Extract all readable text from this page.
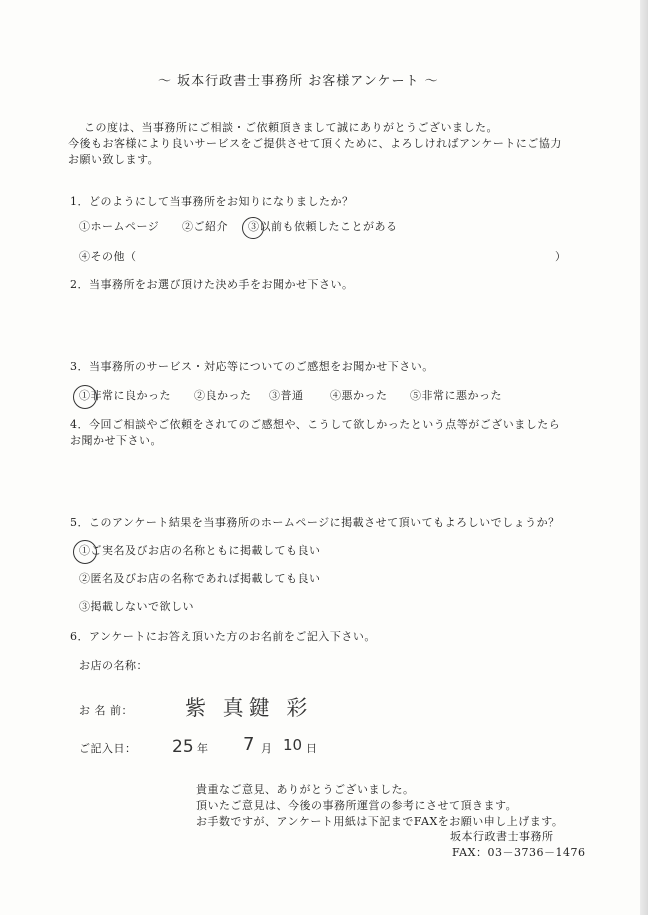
〜 坂本行政書士事務所 お客様アンケート 〜
この度は、当事務所にご相談・ご依頼頂きまして誠にありがとうございました。
今後もお客様により良いサービスをご提供させて頂くために、よろしければアンケートにご協力
お願い致します。
1．どのようにして当事務所をお知りになりましたか？
①ホームページ ②ご紹介 ③以前も依頼したことがある
④その他（	）
2．当事務所をお選び頂けた決め手をお聞かせ下さい。
3．当事務所のサービス・対応等についてのご感想をお聞かせ下さい。
①非常に良かった ②良かった ③普通 ④悪かった ⑤非常に悪かった
4．今回ご相談やご依頼をされてのご感想や、こうして欲しかったという点等がございましたら
お聞かせ下さい。
5．このアンケート結果を当事務所のホームページに掲載させて頂いてもよろしいでしょうか？
①ご実名及びお店の名称ともに掲載しても良い
②匿名及びお店の名称であれば掲載しても良い
③掲載しないで欲しい
6．アンケートにお答え頂いた方のお名前をご記入下さい。
お店の名称：
お 名 前： 紫 真鍵 彩
ご記入日： 25 年 7 月 10 日
貴重なご意見、ありがとうございました。
頂いたご意見は、今後の事務所運営の参考にさせて頂きます。
お手数ですが、アンケート用紙は下記までFAXをお願い申し上げます。
坂本行政書士事務所
FAX：03－3736－1476
